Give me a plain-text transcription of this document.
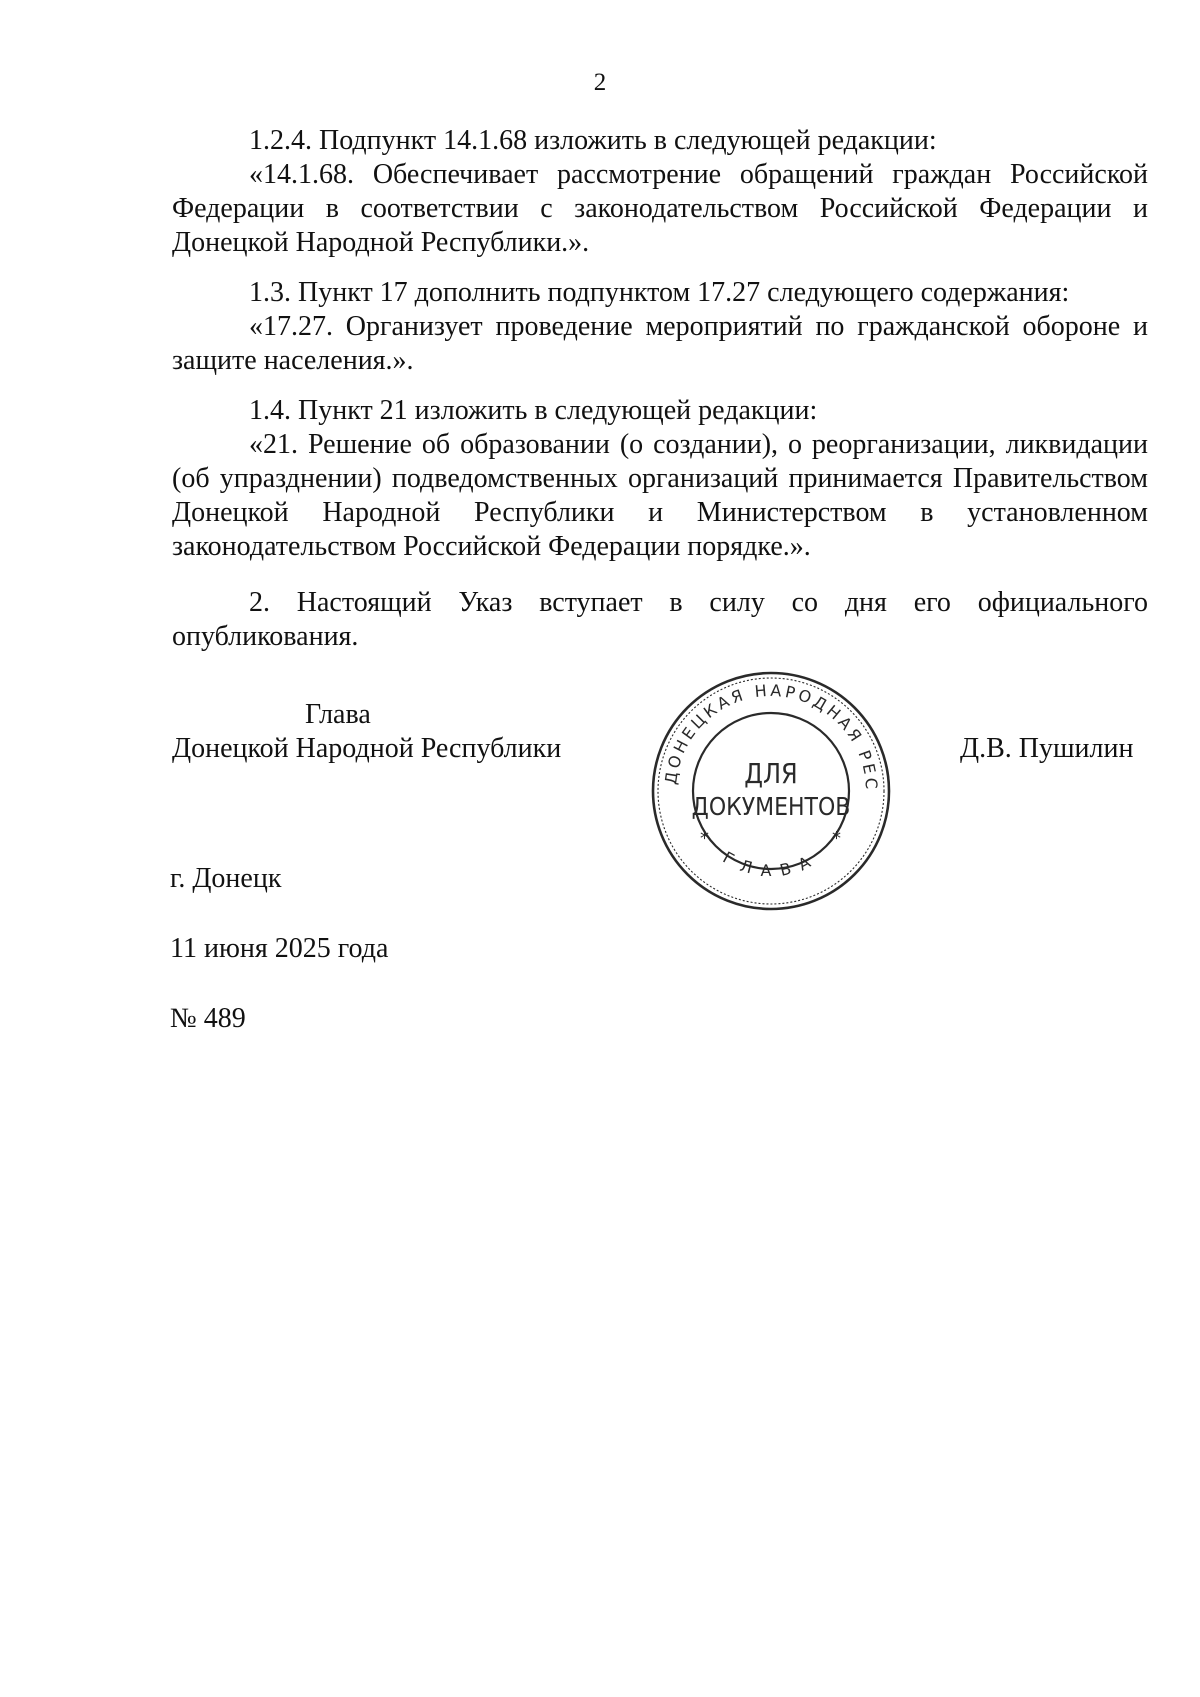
2

1.2.4. Подпункт 14.1.68 изложить в следующей редакции:

«14.1.68. Обеспечивает рассмотрение обращений граждан Российской Федерации в соответствии с законодательством Российской Федерации и Донецкой Народной Республики.».

1.3. Пункт 17 дополнить подпунктом 17.27 следующего содержания:

«17.27. Организует проведение мероприятий по гражданской обороне и защите населения.».

1.4. Пункт 21 изложить в следующей редакции:

«21. Решение об образовании (о создании), о реорганизации, ликвидации (об упразднении) подведомственных организаций принимается Правительством Донецкой Народной Республики и Министерством в установленном законодательством Российской Федерации порядке.».

2. Настоящий Указ вступает в силу со дня его официального опубликования.

Глава
Донецкой Народной Республики
ДОНЕЦКАЯ НАРОДНАЯ РЕС
ГЛАВА
*	*
ДЛЯ
ДОКУМЕНТОВ
Д.В. Пушилин
г. Донецк
11 июня 2025 года
№ 489
